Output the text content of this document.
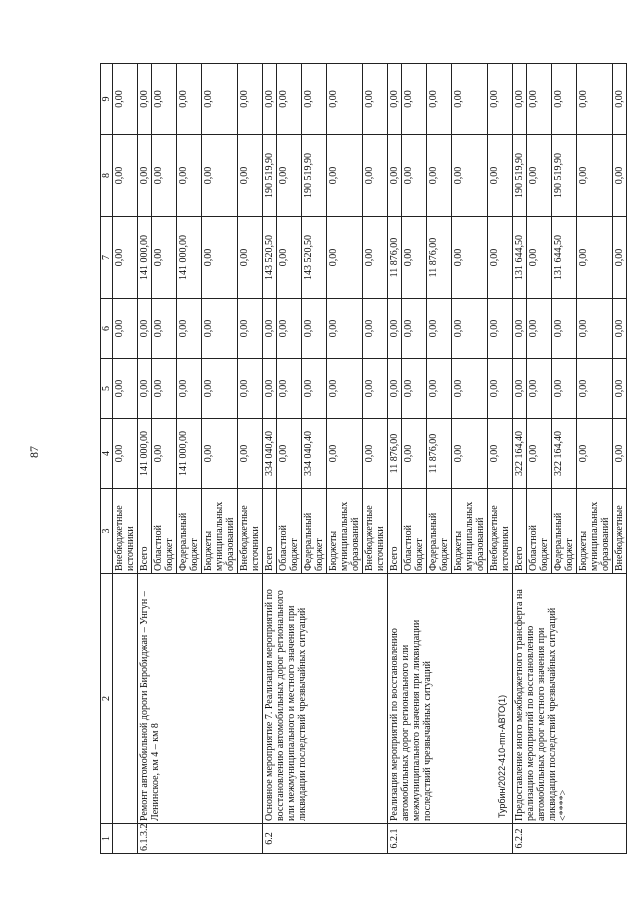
87
1	2	3	4	5	6	7	8	9
		Внебюджетные источники	0,00	0,00	0,00	0,00	0,00	0,00
6.1.3.2	Ремонт автомобильной дороги Биробиджан – Унгун – Ленинское, км 4 – км 8	Всего	141 000,00	0,00	0,00	141 000,00	0,00	0,00
		Областной бюджет	0,00	0,00	0,00	0,00	0,00	0,00
		Федеральный бюджет	141 000,00	0,00	0,00	141 000,00	0,00	0,00
		Бюджеты муниципальных образований	0,00	0,00	0,00	0,00	0,00	0,00
		Внебюджетные источники	0,00	0,00	0,00	0,00	0,00	0,00
6.2	Основное мероприятие 7. Реализация мероприятий по восстановлению автомобильных дорог регионального или межмуниципального и местного значения при ликвидации последствий чрезвычайных ситуаций	Всего	334 040,40	0,00	0,00	143 520,50	190 519,90	0,00
		Областной бюджет	0,00	0,00	0,00	0,00	0,00	0,00
		Федеральный бюджет	334 040,40	0,00	0,00	143 520,50	190 519,90	0,00
		Бюджеты муниципальных образований	0,00	0,00	0,00	0,00	0,00	0,00
		Внебюджетные источники	0,00	0,00	0,00	0,00	0,00	0,00
6.2.1	Реализация мероприятий по восстановлению автомобильных дорог регионального или межмуниципального значения при ликвидации последствий чрезвычайных ситуаций	Всего	11 876,00	0,00	0,00	11 876,00	0,00	0,00
		Областной бюджет	0,00	0,00	0,00	0,00	0,00	0,00
		Федеральный бюджет	11 876,00	0,00	0,00	11 876,00	0,00	0,00
		Бюджеты муниципальных образований	0,00	0,00	0,00	0,00	0,00	0,00
		Внебюджетные источники	0,00	0,00	0,00	0,00	0,00	0,00
6.2.2	Предоставление иного межбюджетного трансферта на реализацию мероприятий по восстановлению автомобильных дорог местного значения при ликвидации последствий чрезвычайных ситуаций <****>	Всего	322 164,40	0,00	0,00	131 644,50	190 519,90	0,00
		Областной бюджет	0,00	0,00	0,00	0,00	0,00	0,00
		Федеральный бюджет	322 164,40	0,00	0,00	131 644,50	190 519,90	0,00
		Бюджеты муниципальных образований	0,00	0,00	0,00	0,00	0,00	0,00
		Внебюджетные	0,00	0,00	0,00	0,00	0,00	0,00
Турбин/2022-410-mn-АВТО(1)
